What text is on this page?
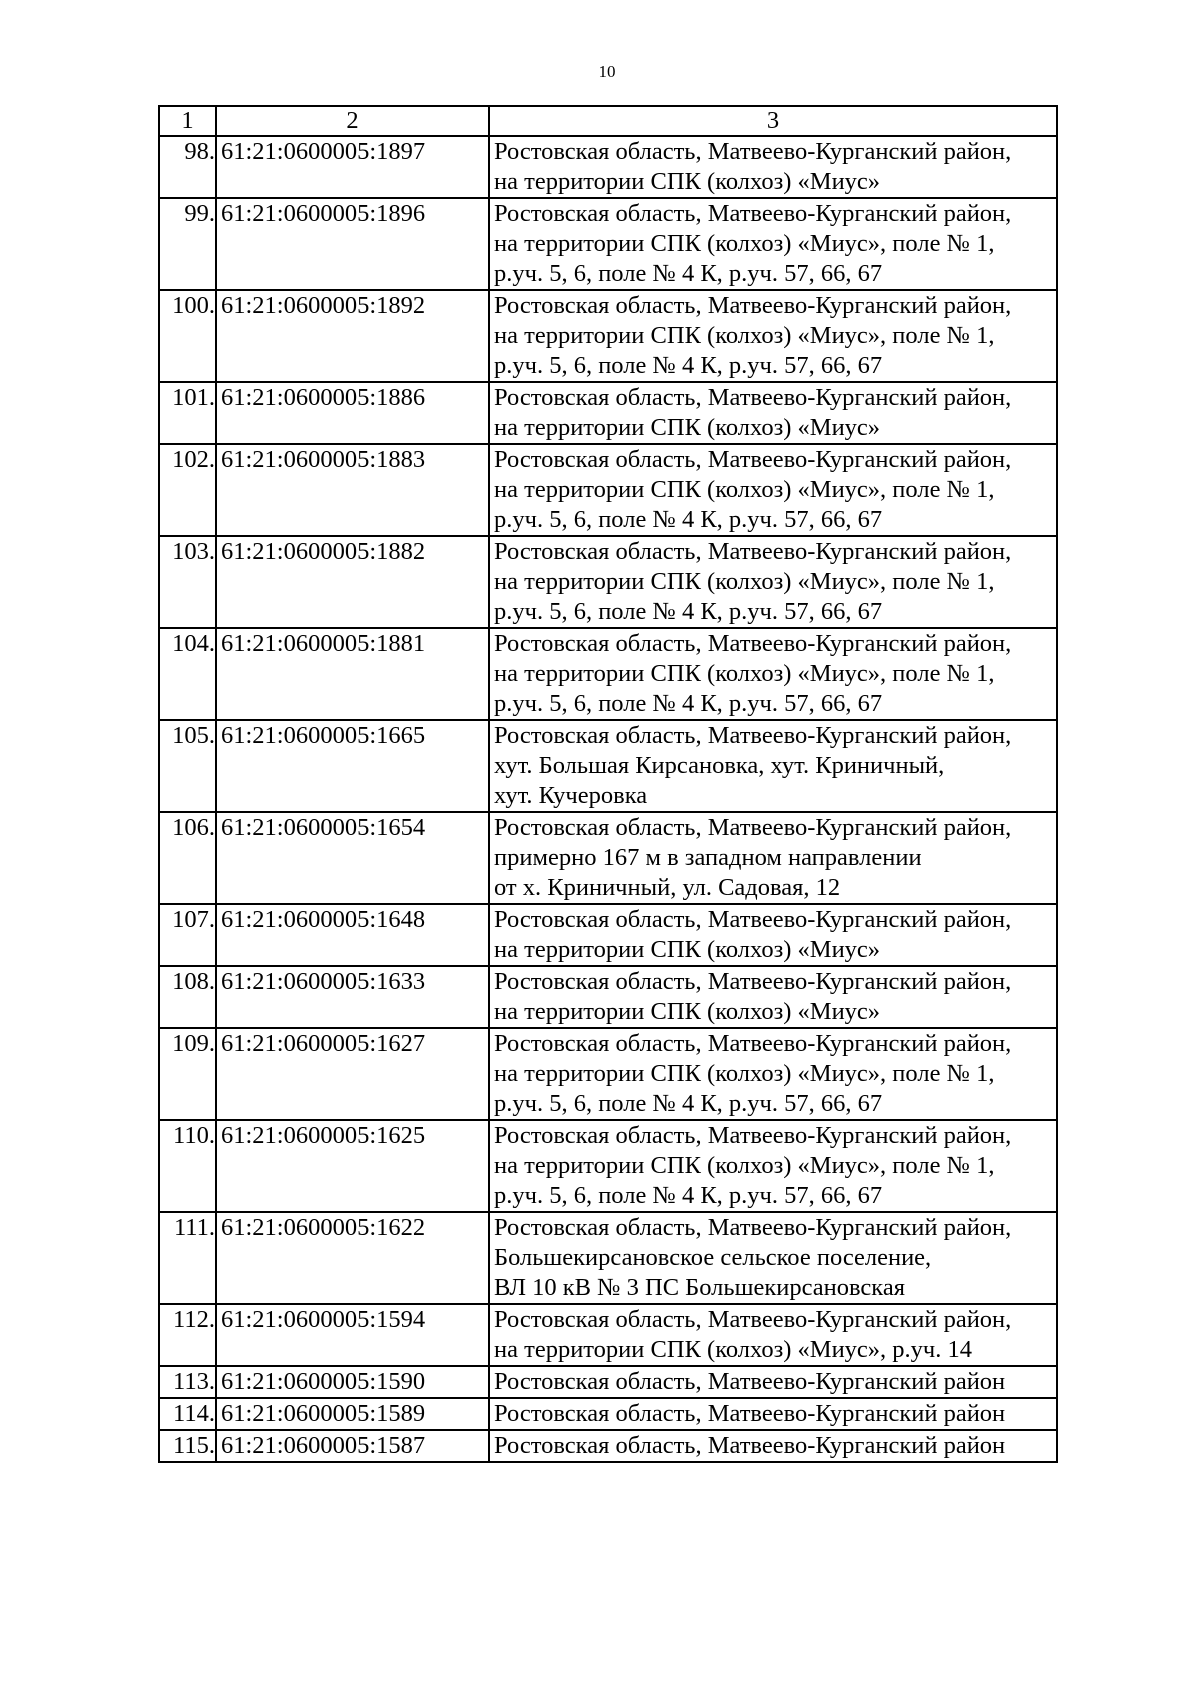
10
1	2	3
98.	61:21:0600005:1897	Ростовская область, Матвеево-Курганский район,
на территории СПК (колхоз) «Миус»
99.	61:21:0600005:1896	Ростовская область, Матвеево-Курганский район,
на территории СПК (колхоз) «Миус», поле № 1,
р.уч. 5, 6, поле № 4 К, р.уч. 57, 66, 67
100.	61:21:0600005:1892	Ростовская область, Матвеево-Курганский район,
на территории СПК (колхоз) «Миус», поле № 1,
р.уч. 5, 6, поле № 4 К, р.уч. 57, 66, 67
101.	61:21:0600005:1886	Ростовская область, Матвеево-Курганский район,
на территории СПК (колхоз) «Миус»
102.	61:21:0600005:1883	Ростовская область, Матвеево-Курганский район,
на территории СПК (колхоз) «Миус», поле № 1,
р.уч. 5, 6, поле № 4 К, р.уч. 57, 66, 67
103.	61:21:0600005:1882	Ростовская область, Матвеево-Курганский район,
на территории СПК (колхоз) «Миус», поле № 1,
р.уч. 5, 6, поле № 4 К, р.уч. 57, 66, 67
104.	61:21:0600005:1881	Ростовская область, Матвеево-Курганский район,
на территории СПК (колхоз) «Миус», поле № 1,
р.уч. 5, 6, поле № 4 К, р.уч. 57, 66, 67
105.	61:21:0600005:1665	Ростовская область, Матвеево-Курганский район,
хут. Большая Кирсановка, хут. Криничный,
хут. Кучеровка
106.	61:21:0600005:1654	Ростовская область, Матвеево-Курганский район,
примерно 167 м в западном направлении
от х. Криничный, ул. Садовая, 12
107.	61:21:0600005:1648	Ростовская область, Матвеево-Курганский район,
на территории СПК (колхоз) «Миус»
108.	61:21:0600005:1633	Ростовская область, Матвеево-Курганский район,
на территории СПК (колхоз) «Миус»
109.	61:21:0600005:1627	Ростовская область, Матвеево-Курганский район,
на территории СПК (колхоз) «Миус», поле № 1,
р.уч. 5, 6, поле № 4 К, р.уч. 57, 66, 67
110.	61:21:0600005:1625	Ростовская область, Матвеево-Курганский район,
на территории СПК (колхоз) «Миус», поле № 1,
р.уч. 5, 6, поле № 4 К, р.уч. 57, 66, 67
111.	61:21:0600005:1622	Ростовская область, Матвеево-Курганский район,
Большекирсановское сельское поселение,
ВЛ 10 кВ № 3 ПС Большекирсановская
112.	61:21:0600005:1594	Ростовская область, Матвеево-Курганский район,
на территории СПК (колхоз) «Миус», р.уч. 14
113.	61:21:0600005:1590	Ростовская область, Матвеево-Курганский район
114.	61:21:0600005:1589	Ростовская область, Матвеево-Курганский район
115.	61:21:0600005:1587	Ростовская область, Матвеево-Курганский район
